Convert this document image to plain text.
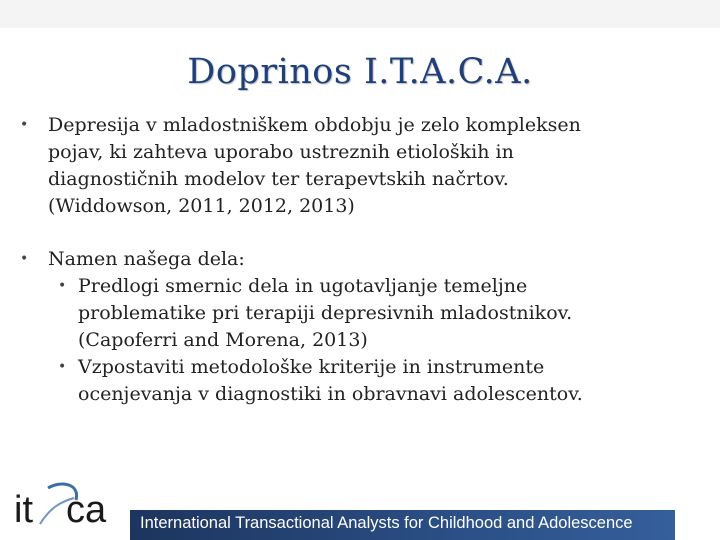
Doprinos I.T.A.C.A.
• Depresija v mladostniškem obdobju je zelo kompleksen
pojav, ki zahteva uporabo ustreznih etioloških in
diagnostičnih modelov ter terapevtskih načrtov.
(Widdowson, 2011, 2012, 2013)
• Namen našega dela:
• Predlogi smernic dela in ugotavljanje temeljne
problematike pri terapiji depresivnih mladostnikov.
(Capoferri and Morena, 2013)
• Vzpostaviti metodološke kriterije in instrumente
ocenjevanja v diagnostiki in obravnavi adolescentov.
it ca International Transactional Analysts for Childhood and Adolescence
